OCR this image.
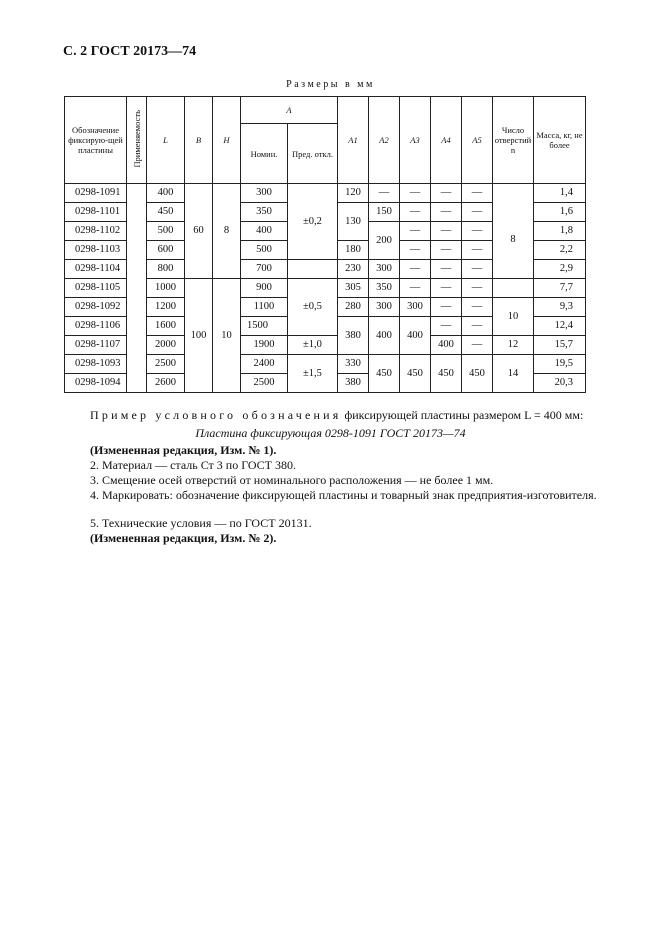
С. 2 ГОСТ 20173—74
Размеры в мм
Обозначение фиксирую-щей пластины	Применяемость	L	B	H	A		A1	A2	A3	A4	A5	Число отверстий n	Масса, кг, не более
					Номин.	Пред. откл.							
0298-1091		400	60	8	300	±0,2	120	—	—	—	—		1,4
0298-1101		450			350		130	150	—	—	—	8	1,6
0298-1102		500			400			200	—	—	—		1,8
0298-1103		600			500		180		—	—	—		2,2
0298-1104		800			700		230	300	—	—	—		2,9
0298-1105		1000	100	10	900	±0,5	305	350	—	—	—		7,7
0298-1092		1200			1100		280	300	300	—	—	10	9,3
0298-1106		1600			1500		380	400	400	—	—		12,4
0298-1107		2000			1900	±1,0				400	—	12	15,7
0298-1093		2500			2400	±1,5	330	450	450	450	450	14	19,5
0298-1094		2600			2500		380						20,3
Пример условного обозначения фиксирующей пластины размером L = 400 мм:
Пластина фиксирующая 0298-1091 ГОСТ 20173—74
(Измененная редакция, Изм. № 1).
2. Материал — сталь Ст 3 по ГОСТ 380.
3. Смещение осей отверстий от номинального расположения — не более 1 мм.
4. Маркировать: обозначение фиксирующей пластины и товарный знак предприятия-изготовителя.
5. Технические условия — по ГОСТ 20131.
(Измененная редакция, Изм. № 2).
